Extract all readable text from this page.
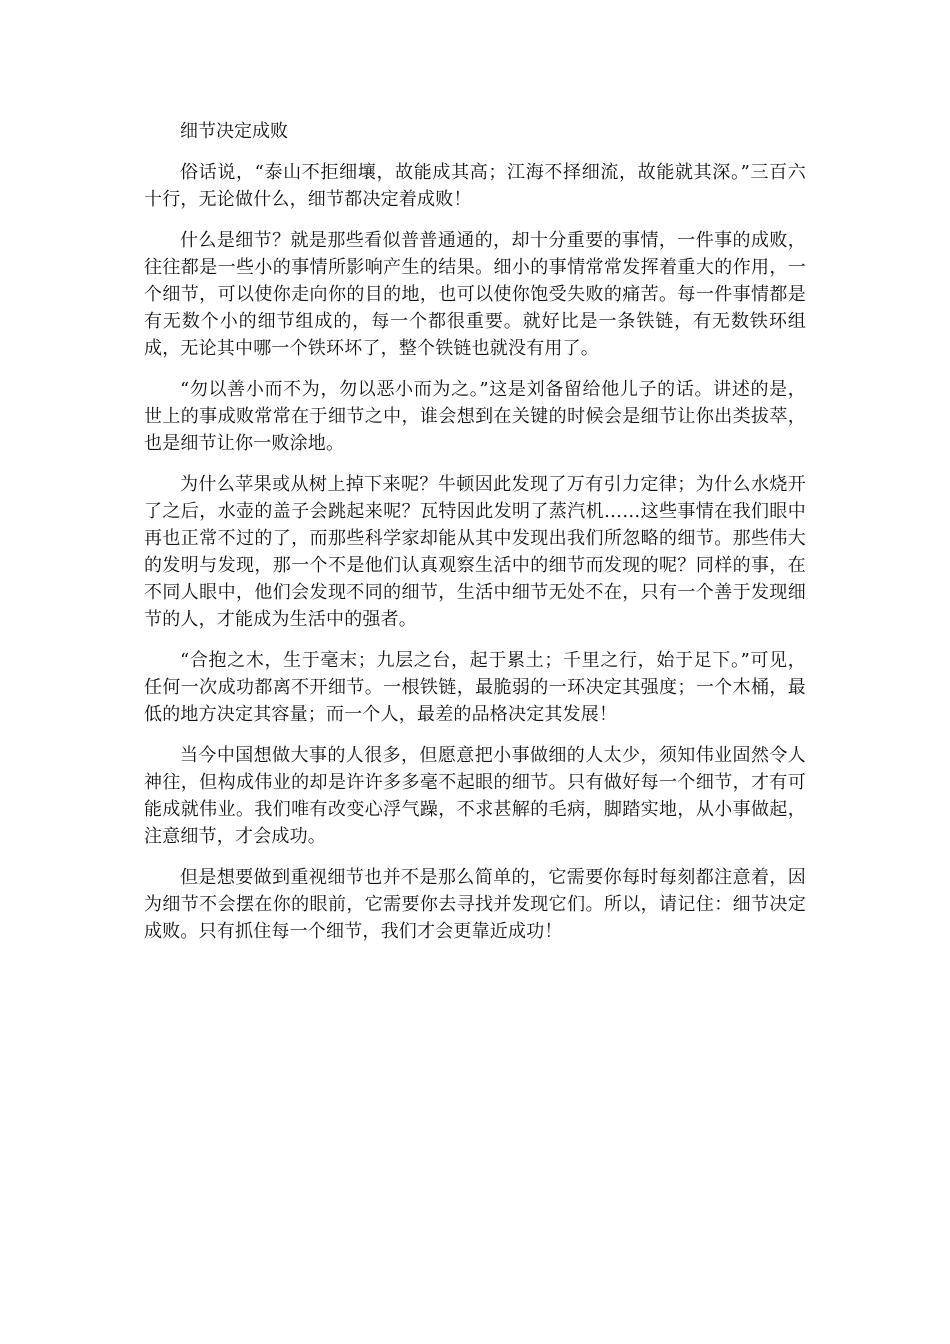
细节决定成败

俗话说，“泰山不拒细壤，故能成其高；江海不择细流，故能就其深。”三百六十行，无论做什么，细节都决定着成败！

什么是细节？就是那些看似普普通通的，却十分重要的事情，一件事的成败，往往都是一些小的事情所影响产生的结果。细小的事情常常发挥着重大的作用，一个细节，可以使你走向你的目的地，也可以使你饱受失败的痛苦。每一件事情都是有无数个小的细节组成的，每一个都很重要。就好比是一条铁链，有无数铁环组成，无论其中哪一个铁环坏了，整个铁链也就没有用了。

“勿以善小而不为，勿以恶小而为之。”这是刘备留给他儿子的话。讲述的是，世上的事成败常常在于细节之中，谁会想到在关键的时候会是细节让你出类拔萃，也是细节让你一败涂地。

为什么苹果或从树上掉下来呢？牛顿因此发现了万有引力定律；为什么水烧开了之后，水壶的盖子会跳起来呢？瓦特因此发明了蒸汽机……这些事情在我们眼中再也正常不过的了，而那些科学家却能从其中发现出我们所忽略的细节。那些伟大的发明与发现，那一个不是他们认真观察生活中的细节而发现的呢？同样的事，在不同人眼中，他们会发现不同的细节，生活中细节无处不在，只有一个善于发现细节的人，才能成为生活中的强者。

“合抱之木，生于毫末；九层之台，起于累土；千里之行，始于足下。”可见，任何一次成功都离不开细节。一根铁链，最脆弱的一环决定其强度；一个木桶，最低的地方决定其容量；而一个人，最差的品格决定其发展！

当今中国想做大事的人很多，但愿意把小事做细的人太少，须知伟业固然令人神往，但构成伟业的却是许许多多毫不起眼的细节。只有做好每一个细节，才有可能成就伟业。我们唯有改变心浮气躁，不求甚解的毛病，脚踏实地，从小事做起，注意细节，才会成功。

但是想要做到重视细节也并不是那么简单的，它需要你每时每刻都注意着，因为细节不会摆在你的眼前，它需要你去寻找并发现它们。所以，请记住：细节决定成败。只有抓住每一个细节，我们才会更靠近成功！
